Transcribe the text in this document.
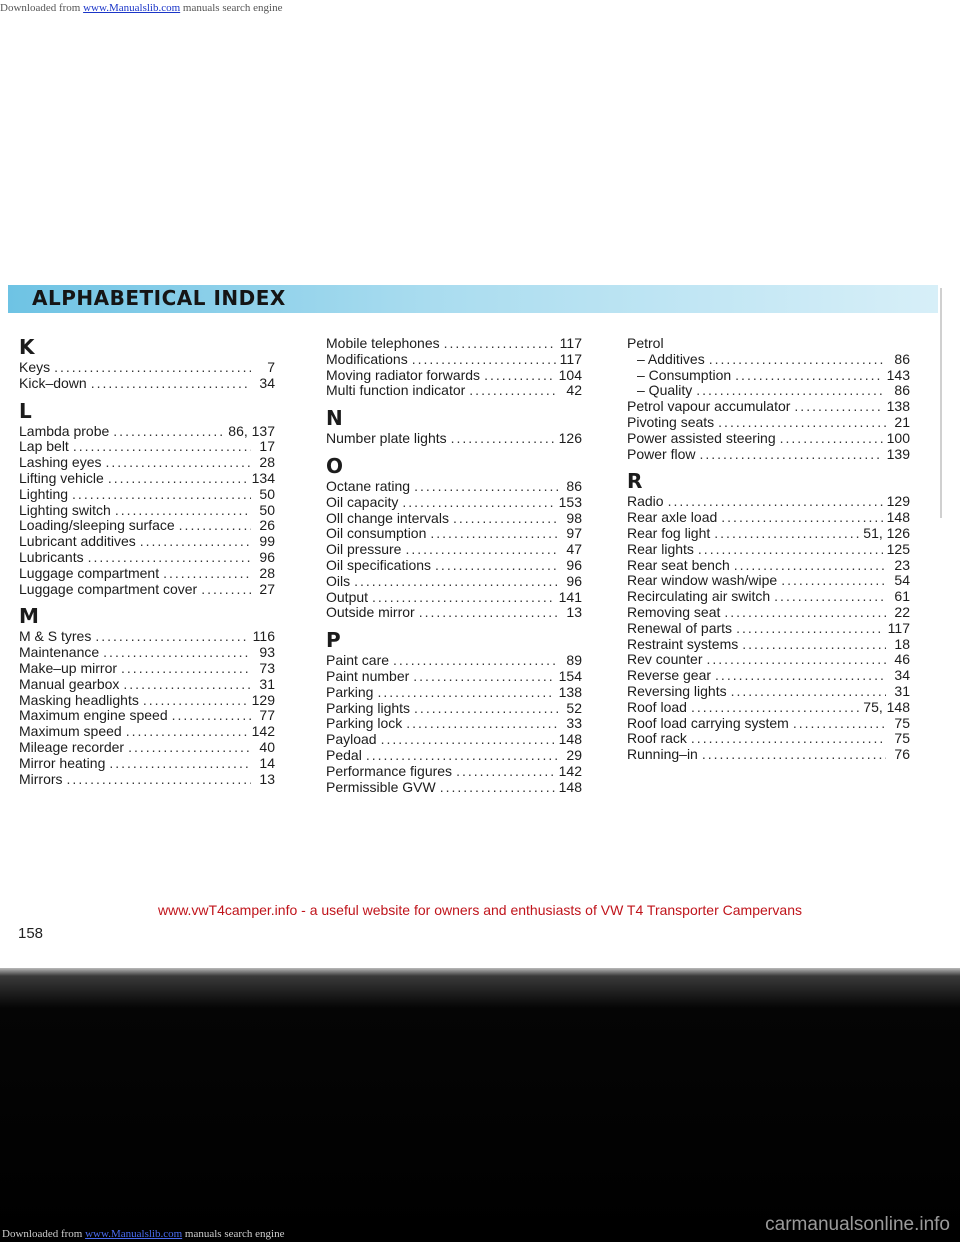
Downloaded from www.Manualslib.com manuals search engine
ALPHABETICAL INDEX
K
Keys .....	7
Kick–down .....	34
L
Lambda probe .....	86, 137
Lap belt .....	17
Lashing eyes .....	28
Lifting vehicle .....	134
Lighting .....	50
Lighting switch .....	50
Loading/sleeping surface .....	26
Lubricant additives .....	99
Lubricants .....	96
Luggage compartment .....	28
Luggage compartment cover .....	27
M
M & S tyres .....	116
Maintenance .....	93
Make–up mirror .....	73
Manual gearbox .....	31
Masking headlights .....	129
Maximum engine speed .....	77
Maximum speed .....	142
Mileage recorder .....	40
Mirror heating .....	14
Mirrors .....	13
Mobile telephones .....	117
Modifications .....	117
Moving radiator forwards .....	104
Multi function indicator .....	42
N
Number plate lights .....	126
O
Octane rating .....	86
Oil capacity .....	153
Oll change intervals .....	98
Oil consumption .....	97
Oil pressure .....	47
Oil specifications .....	96
Oils .....	96
Output .....	141
Outside mirror .....	13
P
Paint care .....	89
Paint number .....	154
Parking .....	138
Parking lights .....	52
Parking lock .....	33
Payload .....	148
Pedal .....	29
Performance figures .....	142
Permissible GVW .....	148
Petrol
– Additives .....	86
– Consumption .....	143
– Quality .....	86
Petrol vapour accumulator .....	138
Pivoting seats .....	21
Power assisted steering .....	100
Power flow .....	139
R
Radio .....	129
Rear axle load .....	148
Rear fog light .....	51, 126
Rear lights .....	125
Rear seat bench .....	23
Rear window wash/wipe .....	54
Recirculating air switch .....	61
Removing seat .....	22
Renewal of parts .....	117
Restraint systems .....	18
Rev counter .....	46
Reverse gear .....	34
Reversing lights .....	31
Roof load .....	75, 148
Roof load carrying system .....	75
Roof rack .....	75
Running–in .....	76
www.vwT4camper.info - a useful website for owners and enthusiasts of VW T4 Transporter Campervans
158
Downloaded from www.Manualslib.com manuals search engine	carmanualsonline.info
